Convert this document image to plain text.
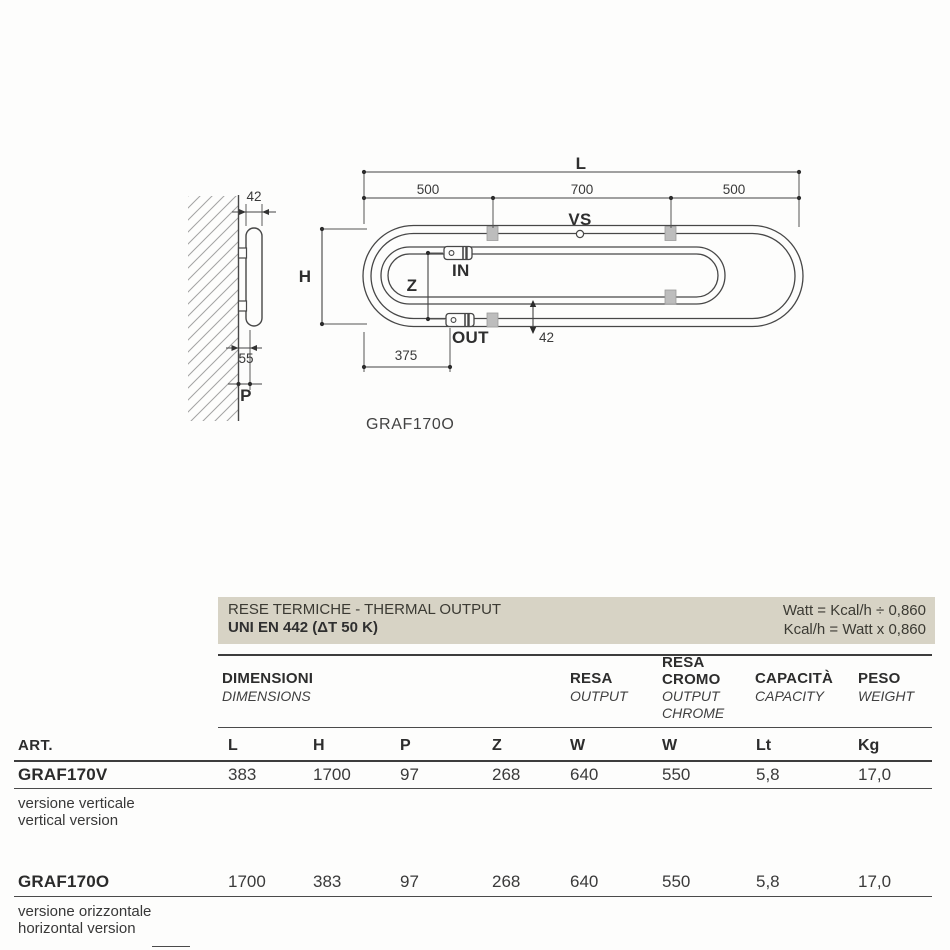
42
55
P
L
500	700	500
VS
H	Z
IN
OUT	42
375
GRAF170O
RESE TERMICHE - THERMAL OUTPUT
UNI EN 442 (ΔT 50 K)
Watt = Kcal/h ÷ 0,860
Kcal/h = Watt x 0,860
DIMENSIONI
DIMENSIONS
RESA
OUTPUT
RESA
CROMO
OUTPUT
CHROME
CAPACITÀ
CAPACITY
PESO
WEIGHT
ART.	L	H	P	Z	W	W	Lt	Kg
GRAF170V	383	1700	97	268	640	550	5,8	17,0
versione verticale
vertical version
GRAF170O	1700	383	97	268	640	550	5,8	17,0
versione orizzontale
horizontal version
